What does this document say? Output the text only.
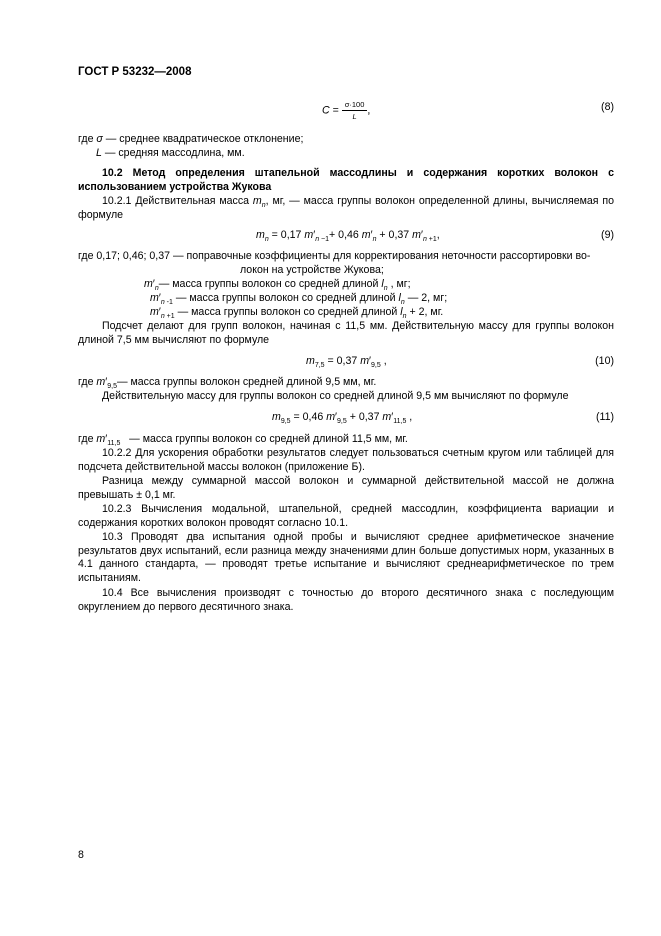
ГОСТ Р 53232—2008
$C = \frac{\sigma\cdot 100}{L}$ ,	(8)
где σ — среднее квадратическое отклонение;
L — средняя массодлина, мм.
10.2 Метод определения штапельной массодлины и содержания коротких волокон с использованием устройства Жукова
10.2.1 Действительная масса $m_n$, мг, — масса группы волокон определенной длины, вычисляемая по формуле
$m_n = 0,17$ $m'_{n -1}+ 0,46$ $m'_n + 0,37$ $m'_{n +1}$,	(9)
где 0,17; 0,46; 0,37 — поправочные коэффициенты для корректирования неточности рассортировки во-
локон на устройстве Жукова;
$m'_n—$ масса группы волокон со средней длиной $l_n$ , мг;
$m'_{n -1}$ — масса группы волокон со средней длиной $l_n$ — 2, мг;
$m'_{n +1}$ — масса группы волокон со средней длиной $l_n + 2$, мг.
Подсчет делают для групп волокон, начиная с 11,5 мм. Действительную массу для группы волокон длиной 7,5 мм вычисляют по формуле
$m_{7,5} = 0,37$ $m'_{9,5}$ ,	(10)
где $m'_{9,5}—$ масса группы волокон средней длиной 9,5 мм, мг.
Действительную массу для группы волокон со средней длиной 9,5 мм вычисляют по формуле
$m_{9,5} = 0,46$ $m'_{9,5} + 0,37$ $m'_{11,5}$ ,	(11)
где $m'_{11,5}$   — масса группы волокон со средней длиной 11,5 мм, мг.
10.2.2 Для ускорения обработки результатов следует пользоваться счетным кругом или таблицей для подсчета действительной массы волокон (приложение Б).
Разница между суммарной массой волокон и суммарной действительной массой не должна превышать ± 0,1 мг.
10.2.3 Вычисления модальной, штапельной, средней массодлин, коэффициента вариации и содержания коротких волокон проводят согласно 10.1.
10.3 Проводят два испытания одной пробы и вычисляют среднее арифметическое значение результатов двух испытаний, если разница между значениями длин больше допустимых норм, указанных в 4.1 данного стандарта, — проводят третье испытание и вычисляют среднеарифметическое по трем испытаниям.
10.4 Все вычисления производят с точностью до второго десятичного знака с последующим округлением до первого десятичного знака.
8
